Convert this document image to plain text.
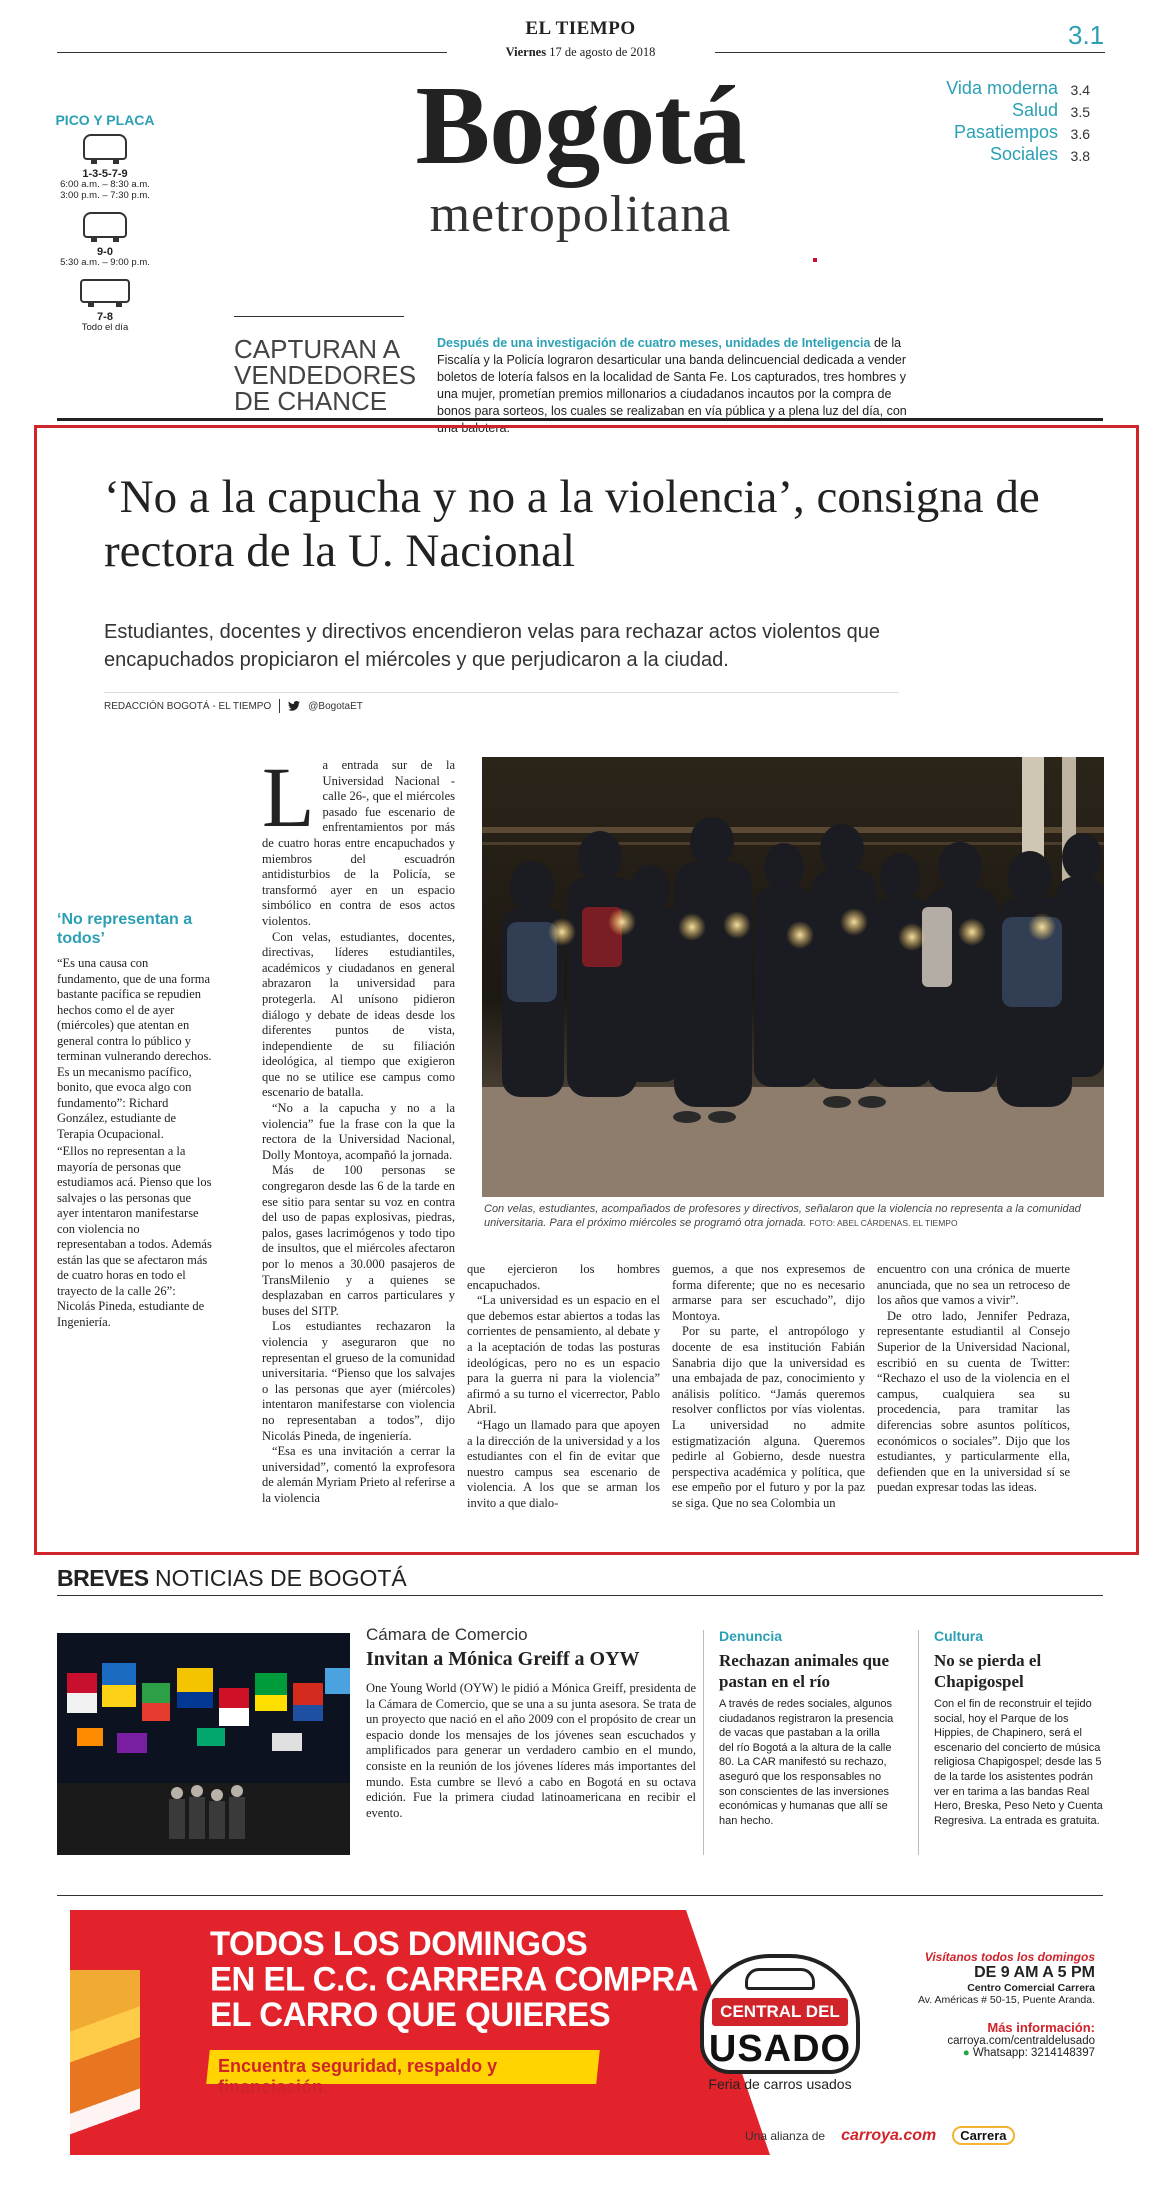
EL TIEMPO
Viernes 17 de agosto de 2018
3.1
Bogotá
metropolitana
PICO Y PLACA
1-3-5-7-9
6:00 a.m. – 8:30 a.m.
3:00 p.m. – 7:30 p.m.
9-0
5:30 a.m. – 9:00 p.m.
7-8
Todo el día
Vida moderna 3.4
Salud 3.5
Pasatiempos 3.6
Sociales 3.8
CAPTURAN A VENDEDORES DE CHANCE
Después de una investigación de cuatro meses, unidades de Inteligencia de la Fiscalía y la Policía lograron desarticular una banda delincuencial dedicada a vender boletos de lotería falsos en la localidad de Santa Fe. Los capturados, tres hombres y una mujer, prometían premios millonarios a ciudadanos incautos por la compra de bonos para sorteos, los cuales se realizaban en vía pública y a plena luz del día, con una balotera.
‘No a la capucha y no a la violencia’, consigna de rectora de la U. Nacional
Estudiantes, docentes y directivos encendieron velas para rechazar actos violentos que encapuchados propiciaron el miércoles y que perjudicaron a la ciudad.
REDACCIÓN BOGOTÁ - EL TIEMPO	@BogotaET
‘No representan a todos’

“Es una causa con fundamento, que de una forma bastante pacífica se repudien hechos como el de ayer (miércoles) que atentan en general contra lo público y terminan vulnerando derechos. Es un mecanismo pacífico, bonito, que evoca algo con fundamento”: Richard González, estudiante de Terapia Ocupacional.

“Ellos no representan a la mayoría de personas que estudiamos acá. Pienso que los salvajes o las personas que ayer intentaron manifestarse con violencia no representaban a todos. Además están las que se afectaron más de cuatro horas en todo el trayecto de la calle 26”: Nicolás Pineda, estudiante de Ingeniería.

La entrada sur de la Universidad Nacional -calle 26-, que el miércoles pasado fue escenario de enfrentamientos por más de cuatro horas entre encapuchados y miembros del escuadrón antidisturbios de la Policía, se transformó ayer en un espacio simbólico en contra de esos actos violentos.

Con velas, estudiantes, docentes, directivas, líderes estudiantiles, académicos y ciudadanos en general abrazaron la universidad para protegerla. Al unísono pidieron diálogo y debate de ideas desde los diferentes puntos de vista, independiente de su filiación ideológica, al tiempo que exigieron que no se utilice ese campus como escenario de batalla.

“No a la capucha y no a la violencia” fue la frase con la que la rectora de la Universidad Nacional, Dolly Montoya, acompañó la jornada.

Más de 100 personas se congregaron desde las 6 de la tarde en ese sitio para sentar su voz en contra del uso de papas explosivas, piedras, palos, gases lacrimógenos y todo tipo de insultos, que el miércoles afectaron por lo menos a 30.000 pasajeros de TransMilenio y a quienes se desplazaban en carros particulares y buses del SITP.

Los estudiantes rechazaron la violencia y aseguraron que no representan el grueso de la comunidad universitaria. “Pienso que los salvajes o las personas que ayer (miércoles) intentaron manifestarse con violencia no representaban a todos”, dijo Nicolás Pineda, de ingeniería.

“Esa es una invitación a cerrar la universidad”, comentó la exprofesora de alemán Myriam Prieto al referirse a la violencia

Con velas, estudiantes, acompañados de profesores y directivos, señalaron que la violencia no representa a la comunidad universitaria. Para el próximo miércoles se programó otra jornada. FOTO: ABEL CÁRDENAS. EL TIEMPO

que ejercieron los hombres encapuchados.

“La universidad es un espacio en el que debemos estar abiertos a todas las corrientes de pensamiento, al debate y a la aceptación de todas las posturas ideológicas, pero no es un espacio para la guerra ni para la violencia” afirmó a su turno el vicerrector, Pablo Abril.

“Hago un llamado para que apoyen a la dirección de la universidad y a los estudiantes con el fin de evitar que nuestro campus sea escenario de violencia. A los que se arman los invito a que dialo-

guemos, a que nos expresemos de forma diferente; que no es necesario armarse para ser escuchado”, dijo Montoya.

Por su parte, el antropólogo y docente de esa institución Fabián Sanabria dijo que la universidad es una embajada de paz, conocimiento y análisis político. “Jamás queremos resolver conflictos por vías violentas. La universidad no admite estigmatización alguna. Queremos pedirle al Gobierno, desde nuestra perspectiva académica y política, que ese empeño por el futuro y por la paz se siga. Que no sea Colombia un

encuentro con una crónica de muerte anunciada, que no sea un retroceso de los años que vamos a vivir”.

De otro lado, Jennifer Pedraza, representante estudiantil al Consejo Superior de la Universidad Nacional, escribió en su cuenta de Twitter: “Rechazo el uso de la violencia en el campus, cualquiera sea su procedencia, para tramitar las diferencias sobre asuntos políticos, económicos o sociales”. Dijo que los estudiantes, y particularmente ella, defienden que en la universidad sí se puedan expresar todas las ideas.

BREVES NOTICIAS DE BOGOTÁ
Cámara de Comercio
Invitan a Mónica Greiff a OYW
One Young World (OYW) le pidió a Mónica Greiff, presidenta de la Cámara de Comercio, que se una a su junta asesora. Se trata de un proyecto que nació en el año 2009 con el propósito de crear un espacio donde los mensajes de los jóvenes sean escuchados y amplificados para generar un verdadero cambio en el mundo, consiste en la reunión de los jóvenes líderes más importantes del mundo. Esta cumbre se llevó a cabo en Bogotá en su octava edición. Fue la primera ciudad latinoamericana en recibir el evento.
Denuncia
Rechazan animales que pastan en el río
A través de redes sociales, algunos ciudadanos registraron la presencia de vacas que pastaban a la orilla del río Bogotá a la altura de la calle 80. La CAR manifestó su rechazo, aseguró que los responsables no son conscientes de las inversiones económicas y humanas que allí se han hecho.
Cultura
No se pierda el Chapigospel
Con el fin de reconstruir el tejido social, hoy el Parque de los Hippies, de Chapinero, será el escenario del concierto de música religiosa Chapigospel; desde las 5 de la tarde los asistentes podrán ver en tarima a las bandas Real Hero, Breska, Peso Neto y Cuenta Regresiva. La entrada es gratuita.
TODOS LOS DOMINGOS
EN EL C.C. CARRERA COMPRA
EL CARRO QUE QUIERES
Encuentra seguridad, respaldo y financiación.
CENTRAL DEL
USADO
Feria de carros usados
Visítanos todos los domingos
DE 9 AM A 5 PM
Centro Comercial Carrera
Av. Américas # 50-15, Puente Aranda.
Más información:
carroya.com/centraldelusado
● Whatsapp: 3214148397
Una alianza de carroya.com	Carrera
